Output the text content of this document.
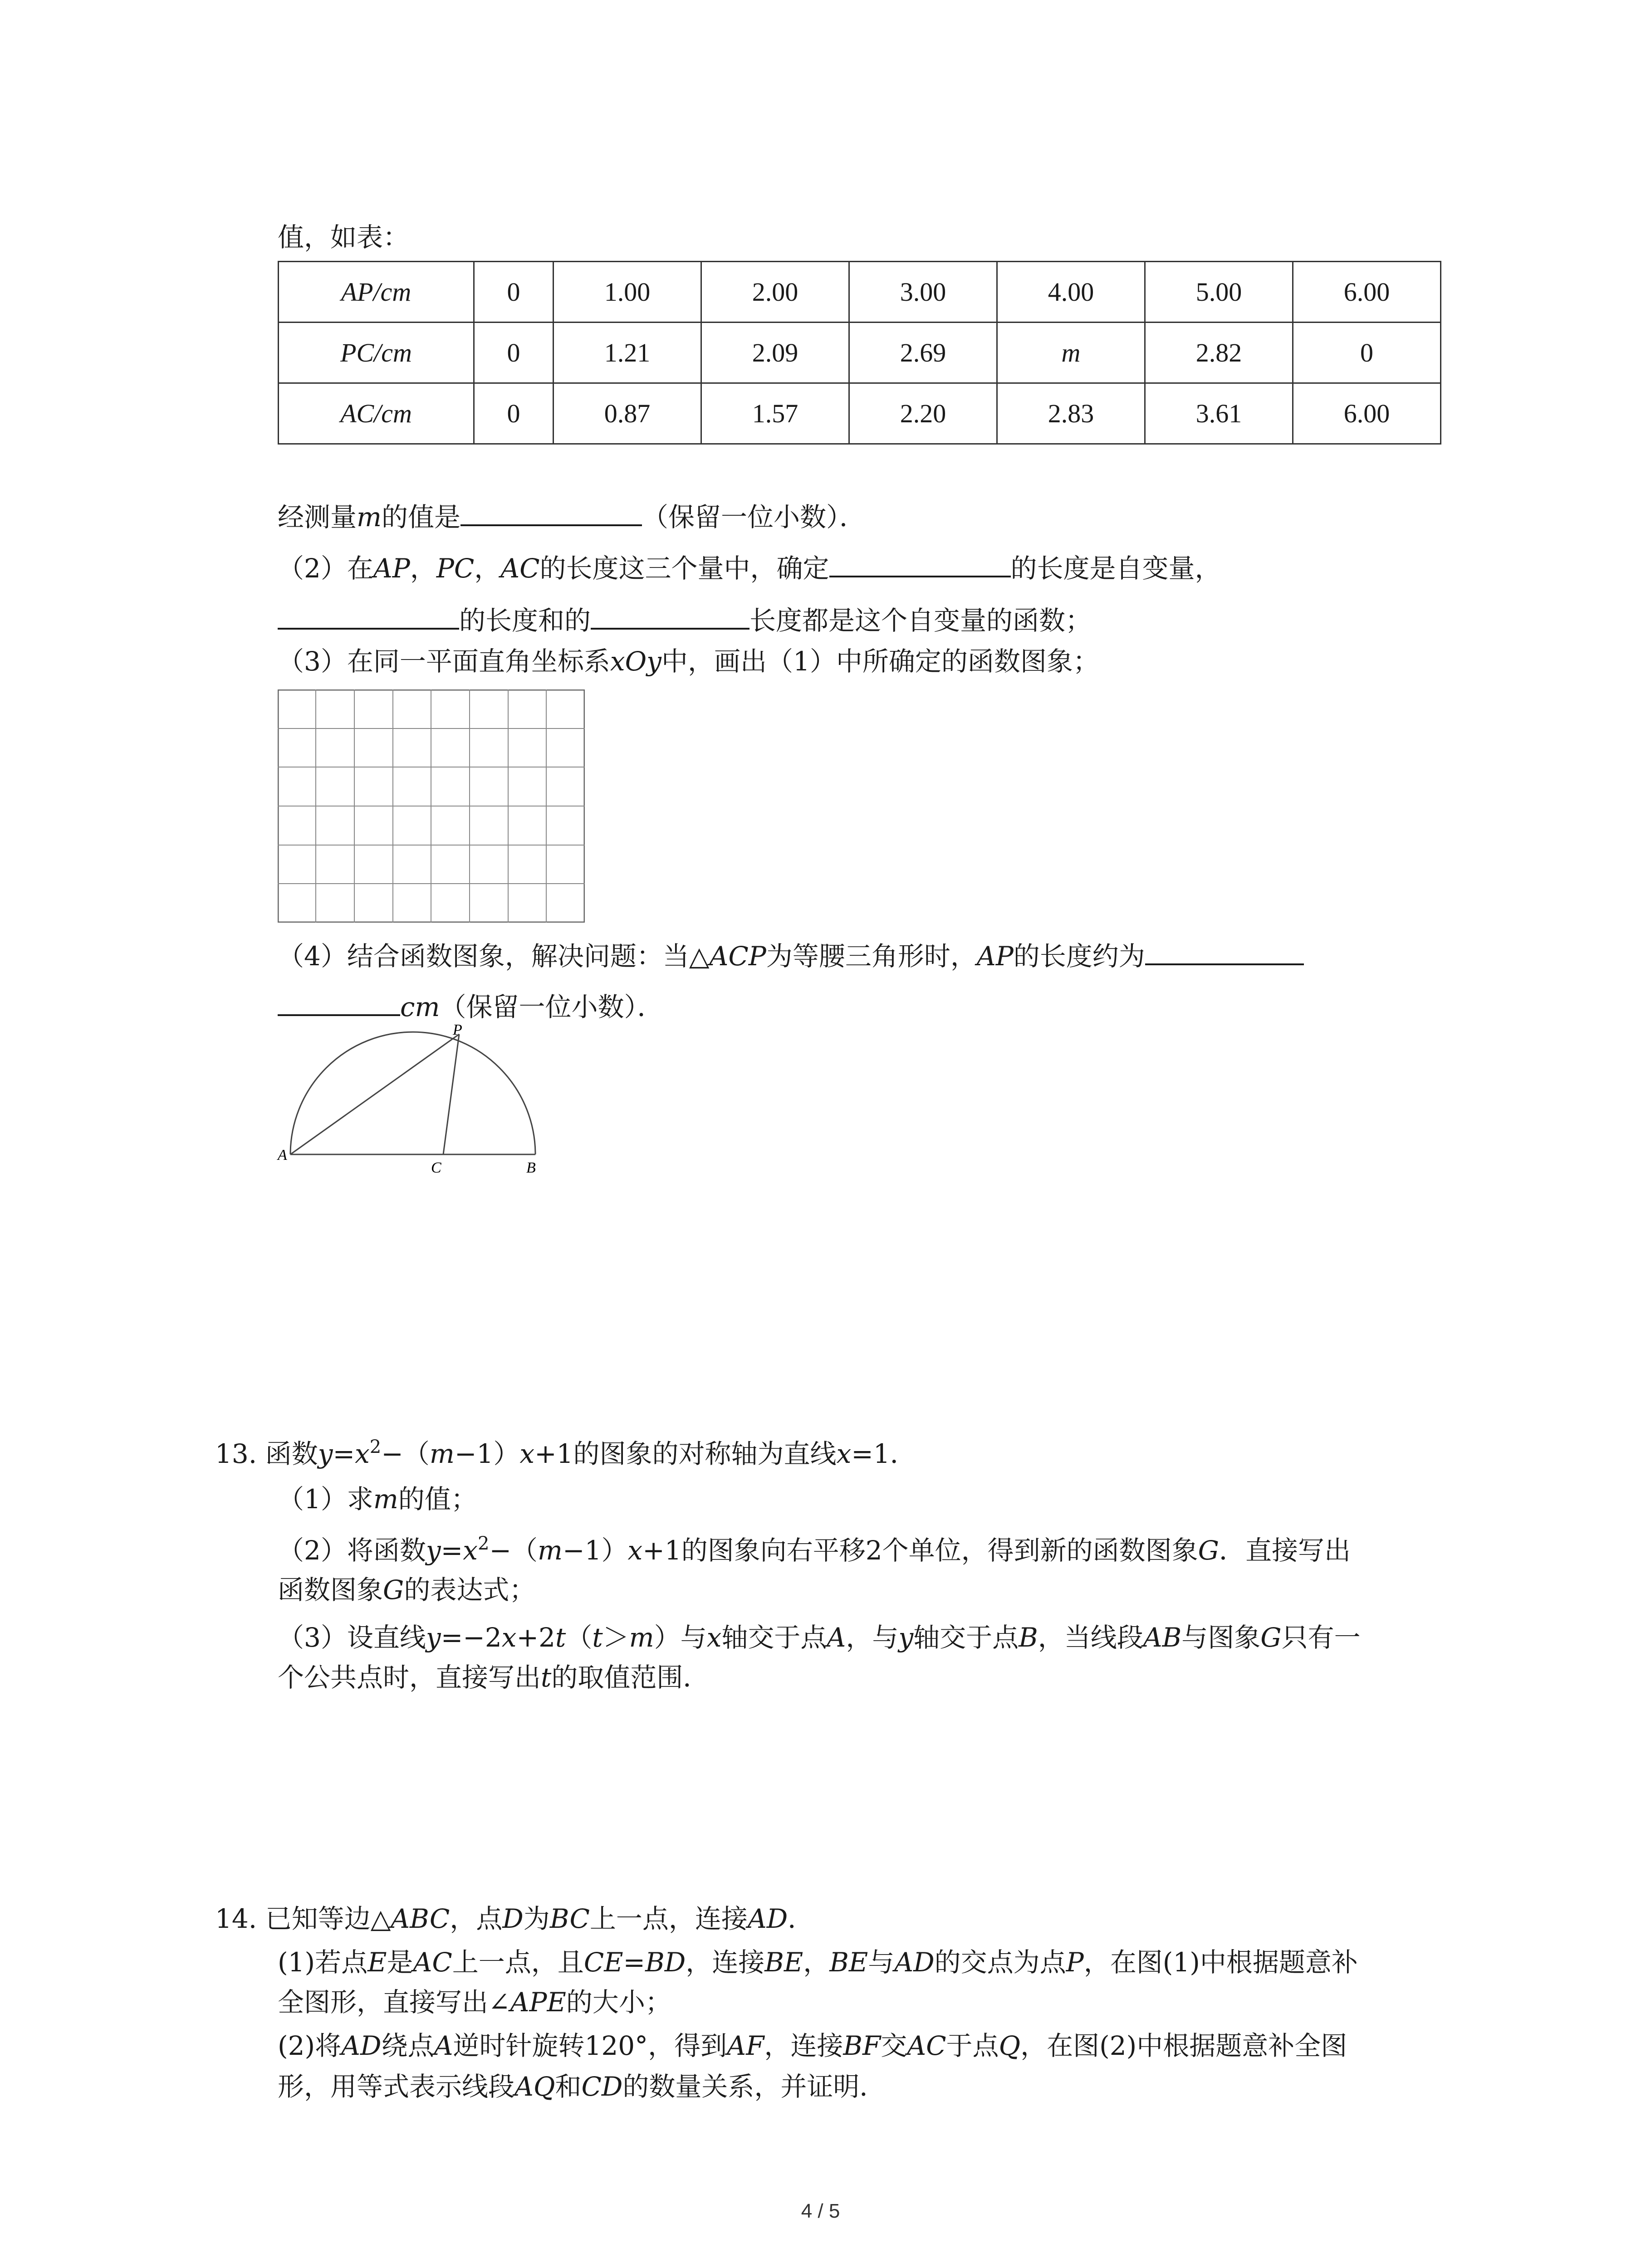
值，如表：
AP/cm	0	1.00	2.00	3.00	4.00	5.00	6.00
PC/cm	0	1.21	2.09	2.69	m	2.82	0
AC/cm	0	0.87	1.57	2.20	2.83	3.61	6.00
经测量m的值是	（保留一位小数）．
（2）在AP，PC，AC的长度这三个量中，确定	的长度是自变量，
的长度和的	长度都是这个自变量的函数；
（3）在同一平面直角坐标系xOy中，画出（1）中所确定的函数图象；
（4）结合函数图象，解决问题：当△ACP为等腰三角形时，AP的长度约为
cm（保留一位小数）．
P
A
C	B
13. 函数$y=x^2-(m-1)x+1$的图象的对称轴为直线x=1．
（1）求m的值；
（2）将函数$y=x^2-(m-1)x+1$的图象向右平移2个单位，得到新的函数图象G．直接写出
函数图象G的表达式；
（3）设直线y=−2x+2t（t＞m）与x轴交于点A，与y轴交于点B，当线段AB与图象G只有一
个公共点时，直接写出t的取值范围．
14. 已知等边△ABC，点D为BC上一点，连接AD．
(1)若点E是AC上一点，且CE=BD，连接BE，BE与AD的交点为点P，在图(1)中根据题意补
全图形，直接写出∠APE的大小；
(2)将AD绕点A逆时针旋转120°，得到AF，连接BF交AC于点Q，在图(2)中根据题意补全图
形，用等式表示线段AQ和CD的数量关系，并证明．
4 / 5
